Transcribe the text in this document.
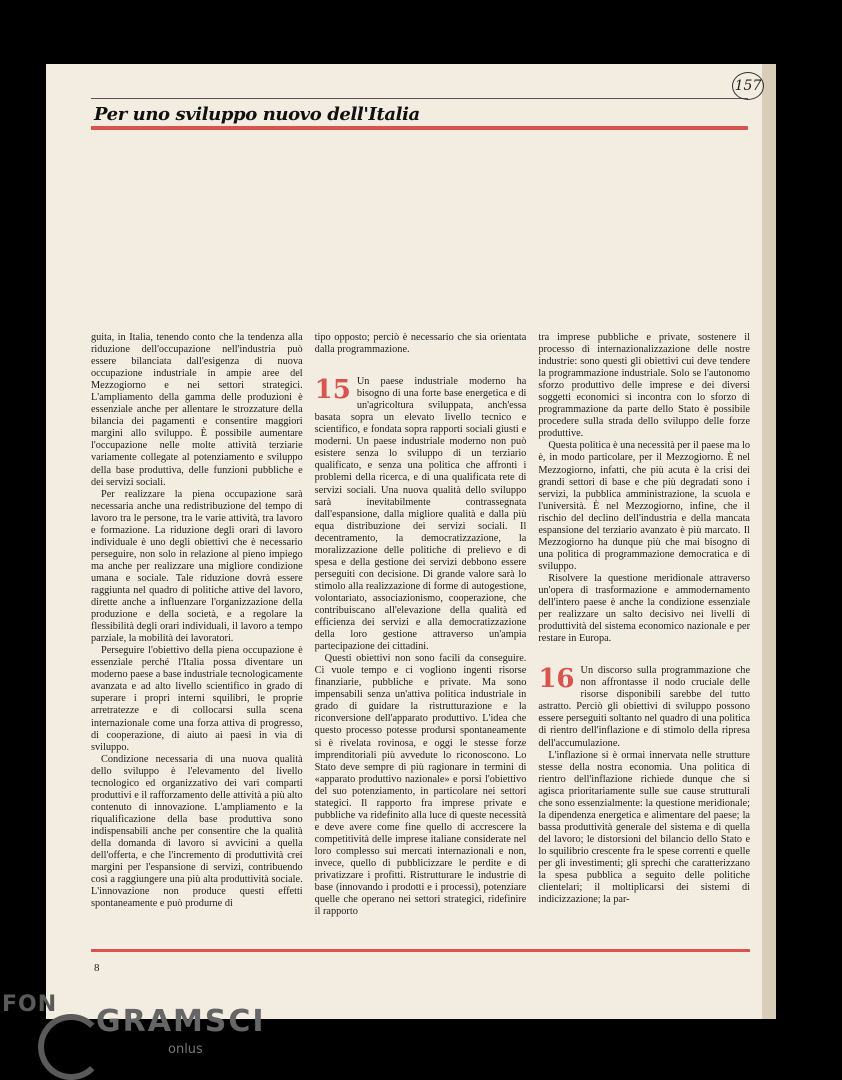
157
Per uno sviluppo nuovo dell'Italia

guita, in Italia, tenendo conto che la tendenza alla riduzione dell'occupazione nell'industria può essere bilanciata dall'esigenza di nuova occupazione industriale in ampie aree del Mezzogiorno e nei settori strategici. L'ampliamento della gamma delle produzioni è essenziale anche per allentare le strozzature della bilancia dei pagamenti e consentire maggiori margini allo sviluppo. È possibile aumentare l'occupazione nelle molte attività terziarie variamente collegate al potenziamento e sviluppo della base produttiva, delle funzioni pubbliche e dei servizi sociali.

Per realizzare la piena occupazione sarà necessaria anche una redistribuzione del tempo di lavoro tra le persone, tra le varie attività, tra lavoro e formazione. La riduzione degli orari di lavoro individuale è uno degli obiettivi che è necessario perseguire, non solo in relazione al pieno impiego ma anche per realizzare una migliore condizione umana e sociale. Tale riduzione dovrà essere raggiunta nel quadro di politiche attive del lavoro, dirette anche a influenzare l'organizzazione della produzione e della società, e a regolare la flessibilità degli orari individuali, il lavoro a tempo parziale, la mobilità dei lavoratori.

Perseguire l'obiettivo della piena occupazione è essenziale perché l'Italia possa diventare un moderno paese a base industriale tecnologicamente avanzata e ad alto livello scientifico in grado di superare i propri interni squilibri, le proprie arretratezze e di collocarsi sulla scena internazionale come una forza attiva di progresso, di cooperazione, di aiuto ai paesi in via di sviluppo.

Condizione necessaria di una nuova qualità dello sviluppo è l'elevamento del livello tecnologico ed organizzativo dei vari comparti produttivi e il rafforzamento delle attività a più alto contenuto di innovazione. L'ampliamento e la riqualificazione della base produttiva sono indispensabili anche per consentire che la qualità della domanda di lavoro si avvicini a quella dell'offerta, e che l'incremento di produttività crei margini per l'espansione di servizi, contribuendo così a raggiungere una più alta produttività sociale. L'innovazione non produce questi effetti spontaneamente e può produrne di

tipo opposto; perciò è necessario che sia orientata dalla programmazione.

15 Un paese industriale moderno ha bisogno di una forte base energetica e di un'agricoltura sviluppata, anch'essa basata sopra un elevato livello tecnico e scientifico, e fondata sopra rapporti sociali giusti e moderni. Un paese industriale moderno non può esistere senza lo sviluppo di un terziario qualificato, e senza una politica che affronti i problemi della ricerca, e di una qualificata rete di servizi sociali. Una nuova qualità dello sviluppo sarà inevitabilmente contrassegnata dall'espansione, dalla migliore qualità e dalla più equa distribuzione dei servizi sociali. Il decentramento, la democratizzazione, la moralizzazione delle politiche di prelievo e di spesa e della gestione dei servizi debbono essere perseguiti con decisione. Di grande valore sarà lo stimolo alla realizzazione di forme di autogestione, volontariato, associazionismo, cooperazione, che contribuiscano all'elevazione della qualità ed efficienza dei servizi e alla democratizzazione della loro gestione attraverso un'ampia partecipazione dei cittadini.

Questi obiettivi non sono facili da conseguire. Ci vuole tempo e ci vogliono ingenti risorse finanziarie, pubbliche e private. Ma sono impensabili senza un'attiva politica industriale in grado di guidare la ristrutturazione e la riconversione dell'apparato produttivo. L'idea che questo processo potesse prodursi spontaneamente si è rivelata rovinosa, e oggi le stesse forze imprenditoriali più avvedute lo riconoscono. Lo Stato deve sempre di più ragionare in termini di «apparato produttivo nazionale» e porsi l'obiettivo del suo potenziamento, in particolare nei settori stategici. Il rapporto fra imprese private e pubbliche va ridefinito alla luce di queste necessità e deve avere come fine quello di accrescere la competitività delle imprese italiane considerate nel loro complesso sui mercati internazionali e non, invece, quello di pubblicizzare le perdite e di privatizzare i profitti. Ristrutturare le industrie di base (innovando i prodotti e i processi), potenziare quelle che operano nei settori strategici, ridefinire il rapporto

tra imprese pubbliche e private, sostenere il processo di internazionalizzazione delle nostre industrie: sono questi gli obiettivi cui deve tendere la programmazione industriale. Solo se l'autonomo sforzo produttivo delle imprese e dei diversi soggetti economici si incontra con lo sforzo di programmazione da parte dello Stato è possibile procedere sulla strada dello sviluppo delle forze produttive.

Questa politica è una necessità per il paese ma lo è, in modo particolare, per il Mezzogiorno. È nel Mezzogiorno, infatti, che più acuta è la crisi dei grandi settori di base e che più degradati sono i servizi, la pubblica amministrazione, la scuola e l'università. È nel Mezzogiorno, infine, che il rischio del declino dell'industria e della mancata espansione del terziario avanzato è più marcato. Il Mezzogiorno ha dunque più che mai bisogno di una politica di programmazione democratica e di sviluppo.

Risolvere la questione meridionale attraverso un'opera di trasformazione e ammodernamento dell'intero paese è anche la condizione essenziale per realizzare un salto decisivo nei livelli di produttività del sistema economico nazionale e per restare in Europa.

16 Un discorso sulla programmazione che non affrontasse il nodo cruciale delle risorse disponibili sarebbe del tutto astratto. Perciò gli obiettivi di sviluppo possono essere perseguiti soltanto nel quadro di una politica di rientro dell'inflazione e di stimolo della ripresa dell'accumulazione.

L'inflazione si è ormai innervata nelle strutture stesse della nostra economia. Una politica di rientro dell'inflazione richiede dunque che si agisca prioritariamente sulle sue cause strutturali che sono essenzialmente: la questione meridionale; la dipendenza energetica e alimentare del paese; la bassa produttività generale del sistema e di quella del lavoro; le distorsioni del bilancio dello Stato e lo squilibrio crescente fra le spese correnti e quelle per gli investimenti; gli sprechi che caratterizzano la spesa pubblica a seguito delle politiche clientelari; il moltiplicarsi dei sistemi di indicizzazione; la par-

8
FON GRAMSCI
onlus
